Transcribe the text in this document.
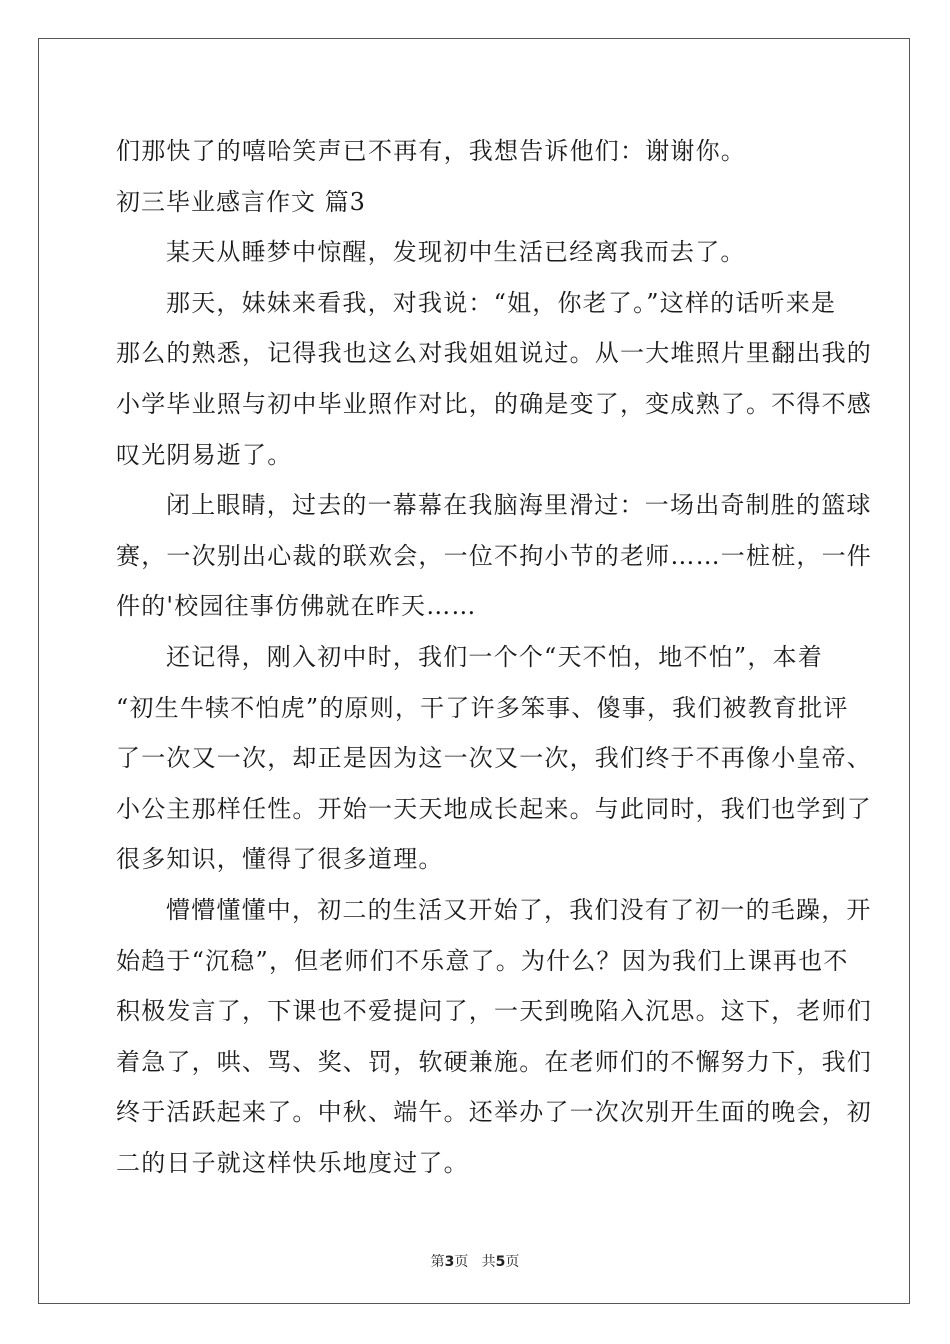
们那快了的嘻哈笑声已不再有，我想告诉他们：谢谢你。
初三毕业感言作文 篇3
某天从睡梦中惊醒，发现初中生活已经离我而去了。
那天，妹妹来看我，对我说：“姐，你老了。”这样的话听来是
那么的熟悉，记得我也这么对我姐姐说过。从一大堆照片里翻出我的
小学毕业照与初中毕业照作对比，的确是变了，变成熟了。不得不感
叹光阴易逝了。
闭上眼睛，过去的一幕幕在我脑海里滑过：一场出奇制胜的篮球
赛，一次别出心裁的联欢会，一位不拘小节的老师……一桩桩，一件
件的'校园往事仿佛就在昨天……
还记得，刚入初中时，我们一个个“天不怕，地不怕”，本着
“初生牛犊不怕虎”的原则，干了许多笨事、傻事，我们被教育批评
了一次又一次，却正是因为这一次又一次，我们终于不再像小皇帝、
小公主那样任性。开始一天天地成长起来。与此同时，我们也学到了
很多知识，懂得了很多道理。
懵懵懂懂中，初二的生活又开始了，我们没有了初一的毛躁，开
始趋于“沉稳”，但老师们不乐意了。为什么？因为我们上课再也不
积极发言了，下课也不爱提问了，一天到晚陷入沉思。这下，老师们
着急了，哄、骂、奖、罚，软硬兼施。在老师们的不懈努力下，我们
终于活跃起来了。中秋、端午。还举办了一次次别开生面的晚会，初
二的日子就这样快乐地度过了。
第3页 共5页
